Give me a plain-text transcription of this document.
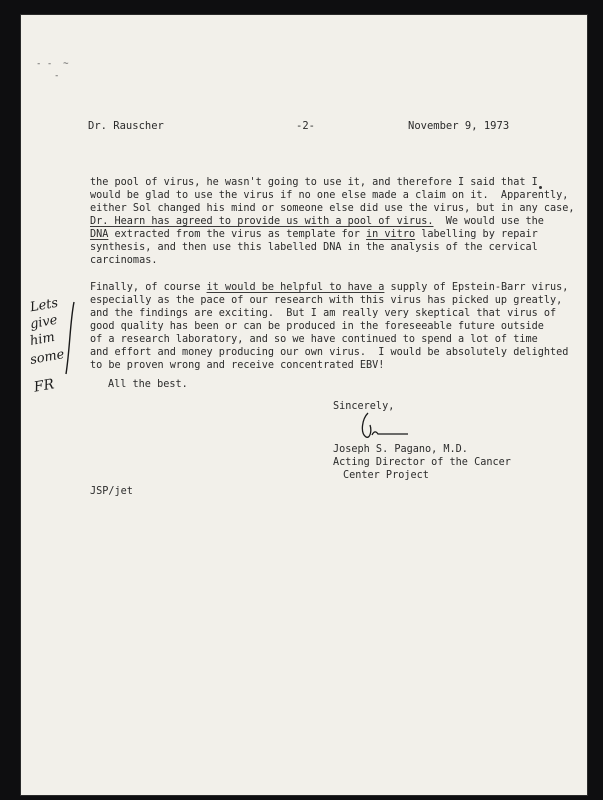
- -  ~
-
Dr. Rauscher	-2-	November 9, 1973
the pool of virus, he wasn't going to use it, and therefore I said that I
would be glad to use the virus if no one else made a claim on it.  Apparently,
either Sol changed his mind or someone else did use the virus, but in any case,
Dr. Hearn has agreed to provide us with a pool of virus.  We would use the
DNA extracted from the virus as template for in vitro labelling by repair
synthesis, and then use this labelled DNA in the analysis of the cervical
carcinomas.
Finally, of course it would be helpful to have a supply of Epstein-Barr virus,
especially as the pace of our research with this virus has picked up greatly,
and the findings are exciting.  But I am really very skeptical that virus of
good quality has been or can be produced in the foreseeable future outside
of a research laboratory, and so we have continued to spend a lot of time
and effort and money producing our own virus.  I would be absolutely delighted
to be proven wrong and receive concentrated EBV!
All the best.
Sincerely,
Joseph S. Pagano, M.D.
Acting Director of the Cancer
Center Project
JSP/jet
Lets
give
him
some
FR
